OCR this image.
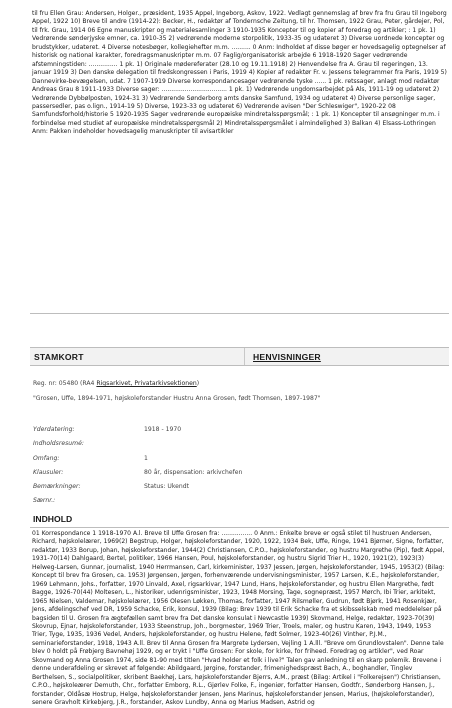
til fru Ellen Grau: Andersen, Holger., præsident, 1935 Appel, Ingeborg, Askov, 1922. Vedlagt gennemslag af brev fra fru Grau til Ingeborg Appel, 1922 10) Breve til andre (1914-22): Becker, H., redaktør af Tondernsche Zeitung, til hr. Thomsen, 1922 Grau, Peter, gårdejer, Pol, til frk. Grau, 1914 06 Egne manuskripter og materialesamlinger 3 1910-1935 Koncepter til og kopier af foredrag og artikler; : 1 pk. 1) Vedrørende sønderjyske emner, ca. 1910-35 2) vedrørende moderne storpolitik, 1933-35 og udateret 3) Diverse uordnede koncepter og brudstykker, udateret. 4 Diverse notesbøger, kollegiehefter m.m. .......... 0 Anm: Indholdet af disse bøger er hovedsagelig optegnelser af historisk og national karakter, foredragsmanuskripter m.m. 07 Faglig/organisatorisk arbejde 6 1918-1920 Sager vedrørende afstemningstiden: ............... 1 pk. 1) Originale mødereferater (28.10 og 19.11.1918) 2) Henvendelse fra A. Grau til regeringen, 13. januar 1919 3) Den danske delegation til fredskongressen i Paris, 1919 4) Kopier af redaktør Fr. v. Jessens telegrammer fra Paris, 1919 5) Dannevirke-bevægelsen, udat. 7 1907-1919 Diverse korrespondancesager vedrørende tyske ...... 1 pk. retssager, anlagt mod redaktør Andreas Grau 8 1911-1933 Diverse sager: .................................. 1 pk. 1) Vedrørende ungdomsarbejdet på Als, 1911-19 og udateret 2) Vedrørende Dybbølposten, 1924-31 3) Vedrørende Sønderborg amts danske Samfund, 1934 og udateret 4) Diverse personlige sager, passersedler, pas o.lign., 1914-19 5) Diverse, 1923-33 og udateret 6) Vedrørende avisen "Der Schleswiger", 1920-22 08 Samfundsforhold/historie 5 1920-1935 Sager vedrørende europæiske mindretalsspørgsmål; : 1 pk. 1) Koncepter til ansøgninger m.m. i forbindelse med studiet af europæiske mindretalsspørgsmål 2) Mindretalsspørgsmålet i almindelighed 3) Balkan 4) Elsass-Lothringen Anm: Pakken indeholder hovedsagelig manuskripter til avisartikler
STAMKORT	HENVISNINGER
Reg. nr: 05480 (RA4 Rigsarkivet, Privatarkivsektionen)
"Grosen, Uffe, 1894-1971, højskoleforstander Hustru Anna Grosen, født Thomsen, 1897-1987"
Yderdatering:	1918 - 1970
Indholdsresumé:
Omfang:	1
Klausuler:	80 år, dispensation: arkivchefen
Bemærkninger:	Status: Ukendt
Særnr.:
INDHOLD
01 Korrespondance 1 1918-1970 A.l. Breve til Uffe Grosen fra: ................ 0 Anm.: Enkelte breve er også stilet til hustruen Andersen, Richard, højskolelærer, 1969(2) Begstrup, Holger, højskoleforstander, 1920, 1922, 1934 Bek, Uffe, Ringe, 1941 Bjørner, Signe, forfatter, redaktør, 1933 Borup, Johan, højskoleforstander, 1944(2) Christiansen, C.P.O., højskoleforstander, og hustru Margrethe (Pip), født Appel, 1931-70(14) Dahlgaard, Bertel, politiker, 1966 Hansen, Poul, højskoleforstander, og hustru Sigrid Trier H., 1920, 1921(2), 1923(3) Helweg-Larsen, Gunnar, journalist, 1940 Herrmansen, Carl, kirkeminister, 1937 Jessen, Jørgen, højskoleforstander, 1945, 1953(2) (Bilag: Koncept til brev fra Grosen, ca. 1953) Jørgensen, Jørgen, forhenværende undervisningsminister, 1957 Larsen, K.E., højskoleforstander, 1969 Lehmann, Johs., forfatter, 1970 Linvald, Axel, rigsarkivar, 1947 Lund, Hans, højskoleforstander, og hustru Ellen Margrethe, født Bagge, 1926-70(44) Moltesen, L., historiker, udenrigsminister, 1923, 1948 Morsing, Tage, sognepræst, 1957 Mørch, Ibi Trier, arkitekt, 1965 Nielsen, Valdemar, højskolelærer, 1956 Olesen Løkken, Thomas, forfatter, 1947 Rilsmøller, Gudrun, født Bjørk, 1941 Rosenkjær, Jens, afdelingschef ved DR, 1959 Schacke, Erik, konsul, 1939 (Bilag: Brev 1939 til Erik Schacke fra et skibsselskab med meddelelser på bagsiden til U. Grosen fra ægtefællen samt brev fra Det danske konsulat i Newcastle 1939) Skovmand, Helge, redaktør, 1923-70(39) Skovrup, Ejnar, højskoleforstander, 1933 Steenstrup, Joh., borgmester, 1969 Trier, Troels, maler, og hustru Karen, 1943, 1949, 1953 Trier, Tyge, 1935, 1936 Vedel, Anders, højskoleforstander, og hustru Helene, født Solmer, 1923-40(26) Vinther, P.J.M., seminarieforstander, 1918, 1943 A.ll. Brev til Anna Grosen fra Margrete Lydersen, Vejling 1 A.lll. "Breve om Grundlovstalen". Denne tale blev 0 holdt på Frøbjerg Bavnehøj 1929, og er trykt i "Uffe Grosen: For skole, for kirke, for friheed. Foredrag og artikler", ved Roar Skovmand og Anna Grosen 1974, side 81-90 med titlen "Hvad holder et folk i live?" Talen gav anledning til en skarp polemik. Brevene i denne underafdeling er skrevet af følgende: Abildgaard, Jørgine, forstander, frimenighedspræst Bach, A., boghandler, Tinglev Berthelsen, S., socialpolitiker, skribent Baekhøj, Lars, højskoleforstander Bjerrs, A.M., præst (Bilag: Artikel i "Folkerejsen") Christiansen, C.P.O., højskoleærer Demuth, Chr., forfatter Emborg, R.L., Gjørlev Folke, F., ingeniør, forfatter Hansen, Godtfr., Sønderborg Hansen, J., forstander, Oldåsæ Hostrup, Helge, højskoleforstander Jensen, Jens Marinus, højskoleforstander Jensen, Marius, (højskoleforstander), senere Gravholt Kirkebjerg, J.R., forstander, Askov Lundby, Anna og Marius Madsen, Astrid og
